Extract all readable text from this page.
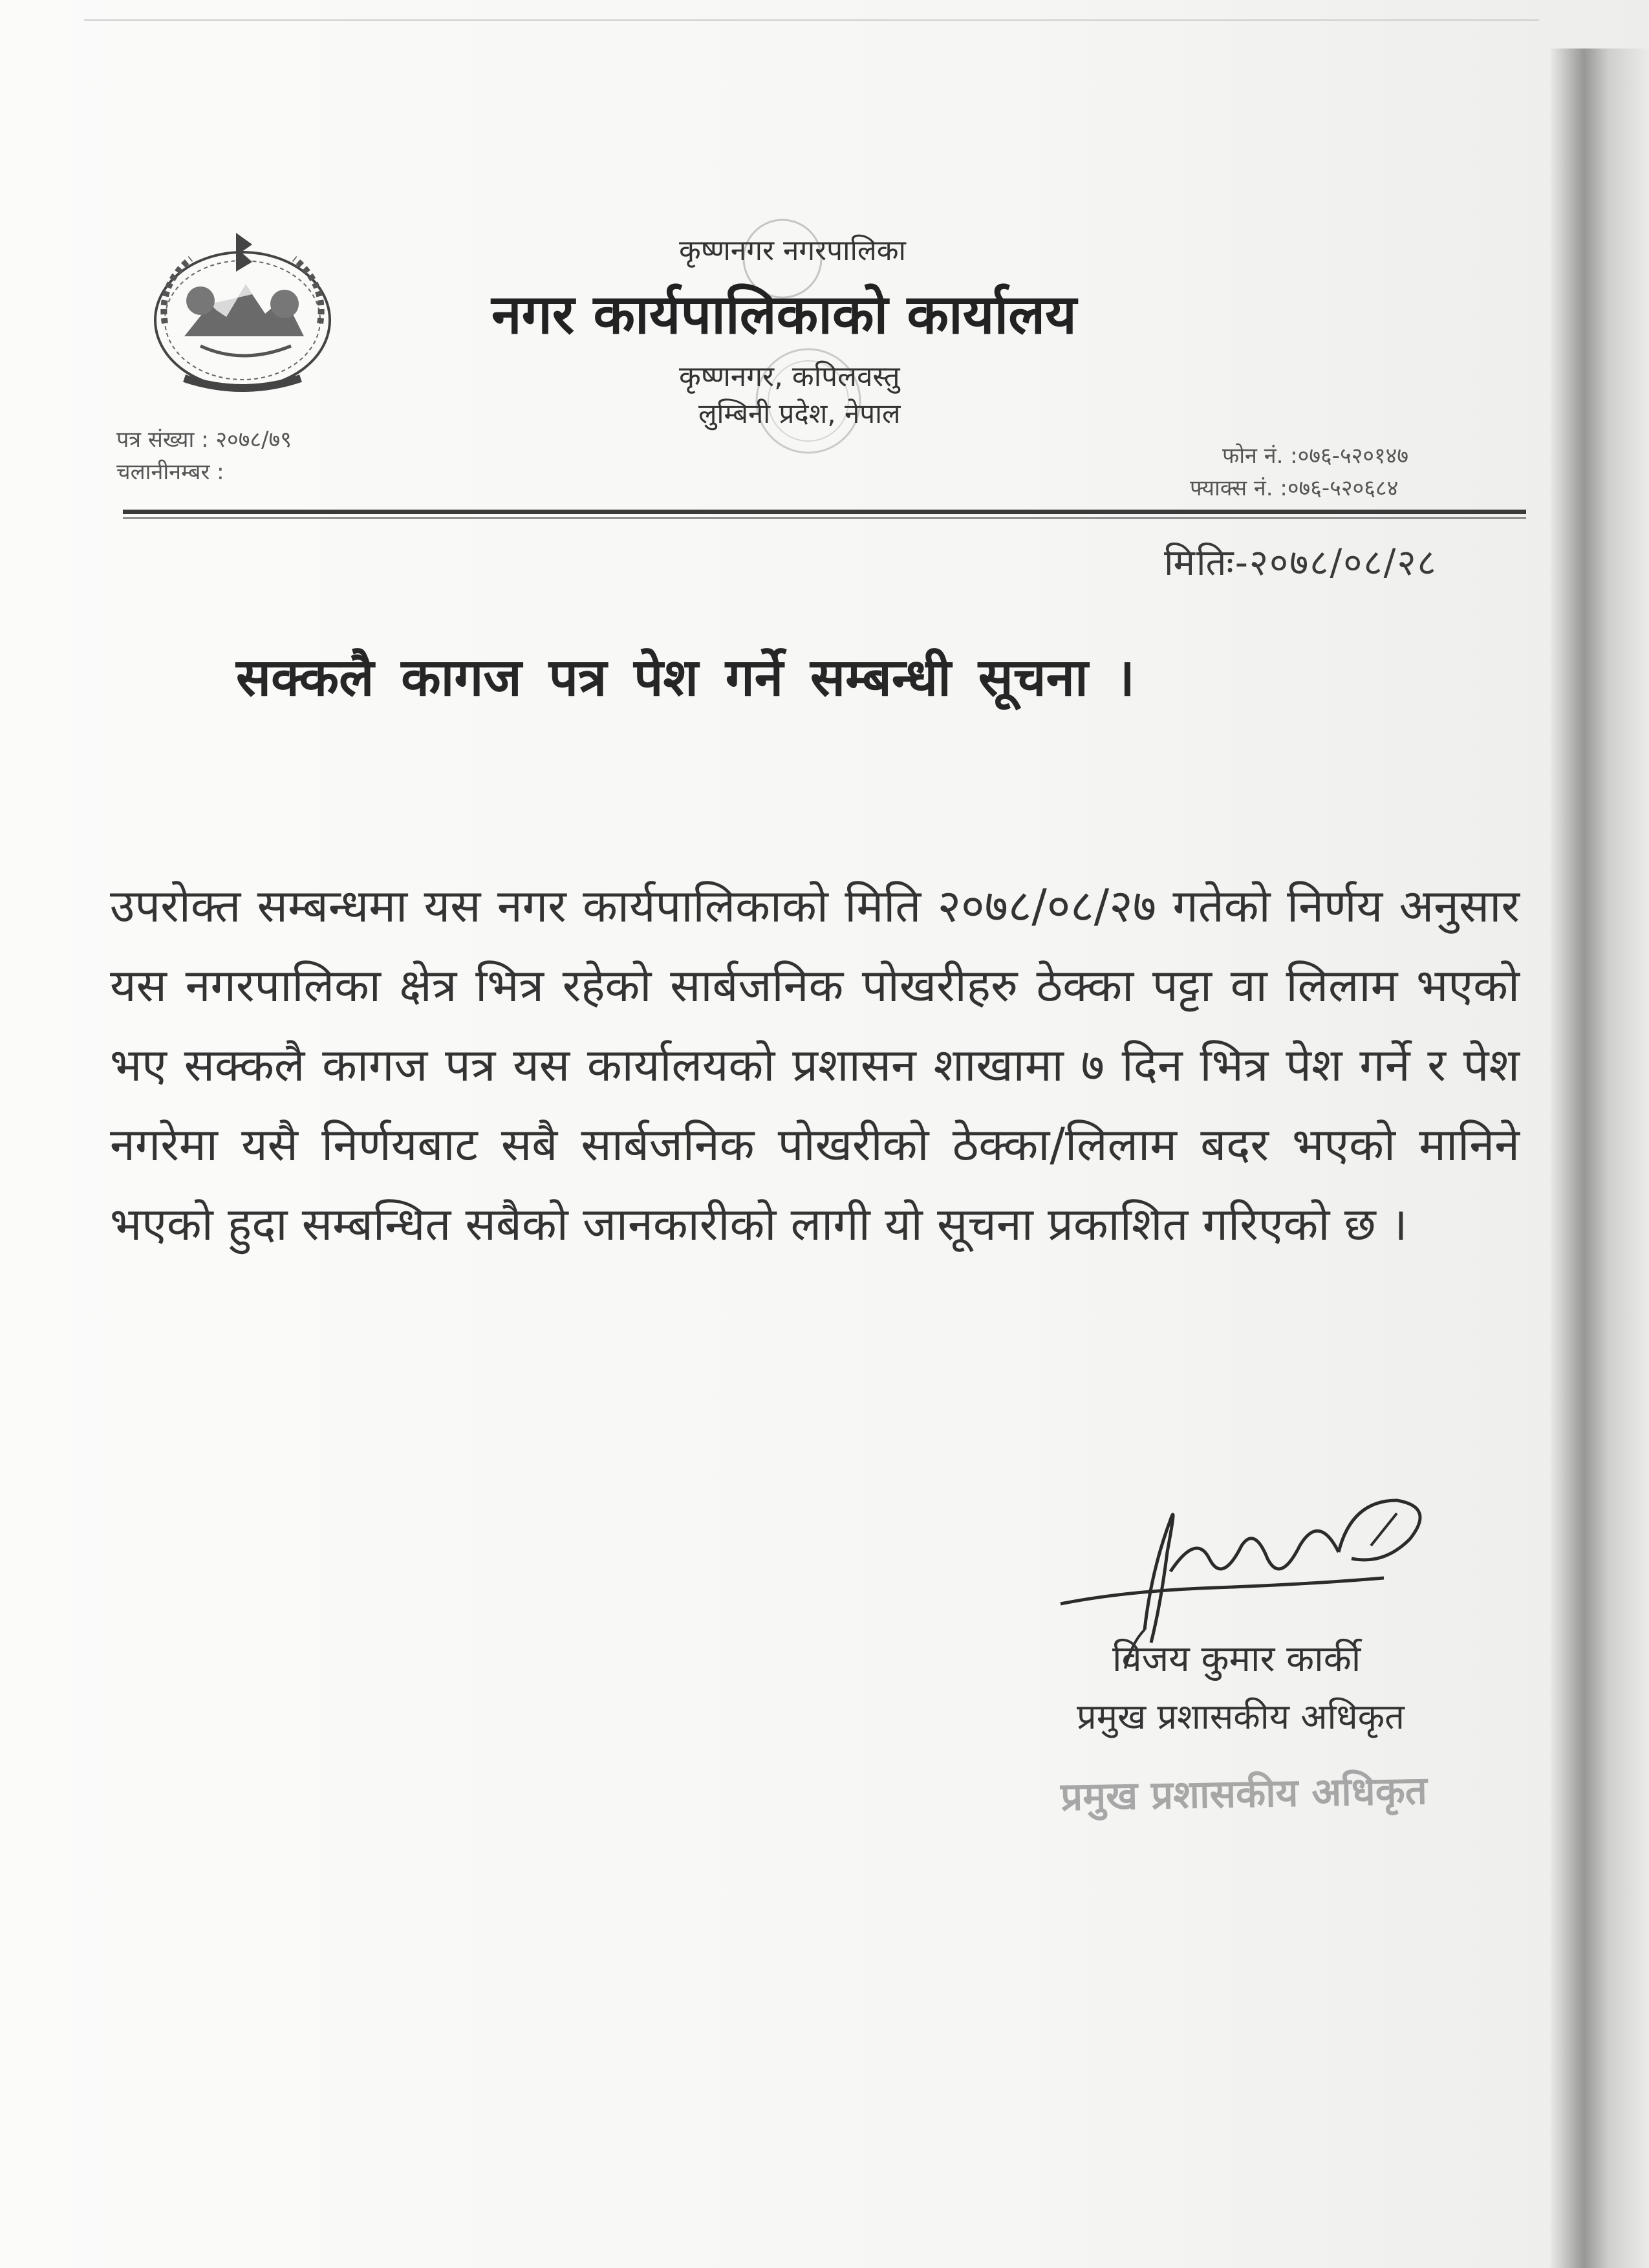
कृष्णनगर नगरपालिका
नगर कार्यपालिकाको कार्यालय
कृष्णनगर, कपिलवस्तु
लुम्बिनी प्रदेश, नेपाल
पत्र संख्या : २०७८/७९
चलानीनम्बर :
फोन नं. :०७६-५२०१४७
फ्याक्स नं. :०७६-५२०६८४
मितिः-२०७८/०८/२८
सक्कलै कागज पत्र पेश गर्ने सम्बन्धी सूचना ।
उपरोक्त सम्बन्धमा यस नगर कार्यपालिकाको मिति २०७८/०८/२७ गतेको निर्णय अनुसार यस नगरपालिका क्षेत्र भित्र रहेको सार्बजनिक पोखरीहरु ठेक्का पट्टा वा लिलाम भएको भए सक्कलै कागज पत्र यस कार्यालयको प्रशासन शाखामा ७ दिन भित्र पेश गर्ने र पेश नगरेमा यसै निर्णयबाट सबै सार्बजनिक पोखरीको ठेक्का/लिलाम बदर भएको मानिने भएको हुदा सम्बन्धित सबैको जानकारीको लागी यो सूचना प्रकाशित गरिएको छ ।
विजय कुमार कार्की
प्रमुख प्रशासकीय अधिकृत
प्रमुख प्रशासकीय अधिकृत
